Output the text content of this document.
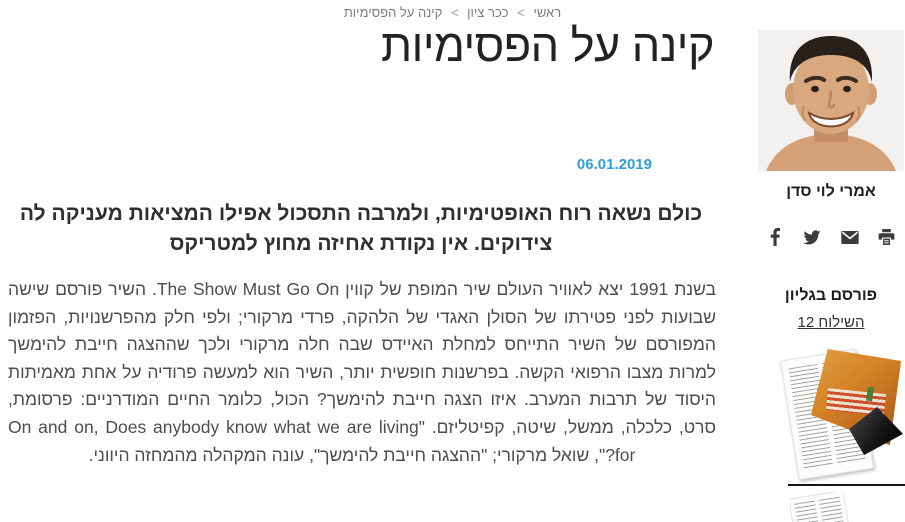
ראשי > ככר ציון > קינה על הפסימיות
קינה על הפסימיות
06.01.2019
כולם נשאה רוח האופטימיות, ולמרבה התסכול אפילו המציאות מעניקה לה צידוקים. אין נקודת אחיזה מחוץ למטריקס

בשנת 1991 יצא לאוויר העולם שיר המופת של קווין The Show Must Go On. השיר פורסם שישה שבועות לפני פטירתו של הסולן האגדי של הלהקה, פרדי מרקורי; ולפי חלק מהפרשנויות, הפזמון המפורסם של השיר התייחס למחלת האיידס שבה חלה מרקורי ולכך שההצגה חייבת להימשך למרות מצבו הרפואי הקשה. בפרשנות חופשית יותר, השיר הוא למעשה פרודיה על אחת מאמיתות היסוד של תרבות המערב. איזו הצגה חייבת להימשך? הכול, כלומר החיים המודרניים: פרסומת, סרט, כלכלה, ממשל, שיטה, קפיטליזם. "On and on, Does anybody know what we are living for?", שואל מרקורי; "ההצגה חייבת להימשך", עונה המקהלה מהמחזה היווני.

אמרי לוי סדן
פורסם בגליון
השילוח 12
